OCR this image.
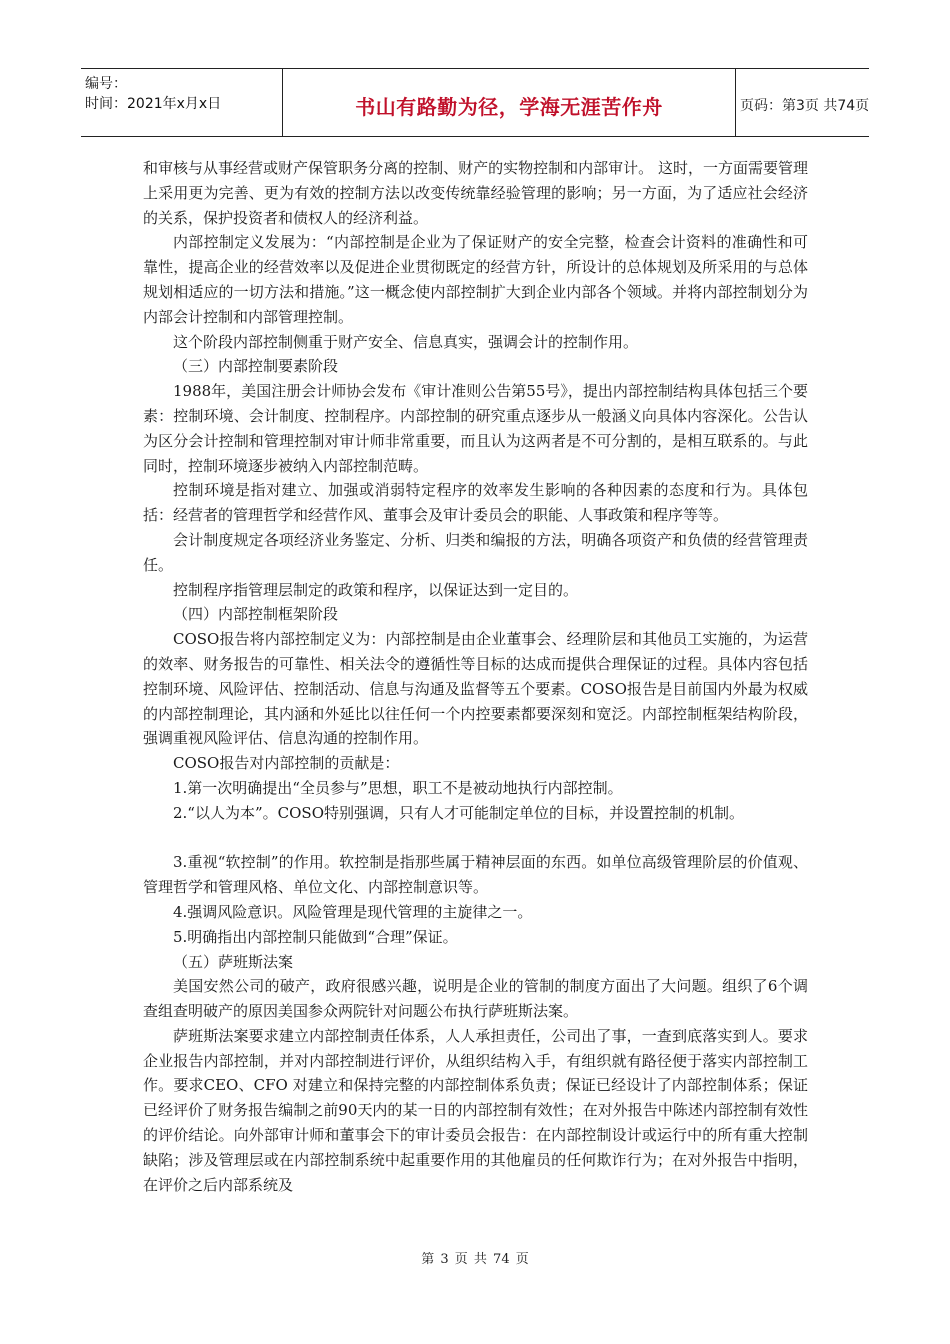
编号：
时间：2021年x月x日	书山有路勤为径，学海无涯苦作舟	页码：第3页 共74页

和审核与从事经营或财产保管职务分离的控制、财产的实物控制和内部审计。 这时，一方面需要管理上采用更为完善、更为有效的控制方法以改变传统靠经验管理的影响；另一方面，为了适应社会经济的关系，保护投资者和债权人的经济利益。

内部控制定义发展为：“内部控制是企业为了保证财产的安全完整，检查会计资料的准确性和可靠性，提高企业的经营效率以及促进企业贯彻既定的经营方针，所设计的总体规划及所采用的与总体规划相适应的一切方法和措施。”这一概念使内部控制扩大到企业内部各个领域。并将内部控制划分为内部会计控制和内部管理控制。

这个阶段内部控制侧重于财产安全、信息真实，强调会计的控制作用。

（三）内部控制要素阶段

1988年，美国注册会计师协会发布《审计准则公告第55号》，提出内部控制结构具体包括三个要素：控制环境、会计制度、控制程序。内部控制的研究重点逐步从一般涵义向具体内容深化。公告认为区分会计控制和管理控制对审计师非常重要，而且认为这两者是不可分割的，是相互联系的。与此同时，控制环境逐步被纳入内部控制范畴。

控制环境是指对建立、加强或消弱特定程序的效率发生影响的各种因素的态度和行为。具体包括：经营者的管理哲学和经营作风、董事会及审计委员会的职能、人事政策和程序等等。

会计制度规定各项经济业务鉴定、分析、归类和编报的方法，明确各项资产和负债的经营管理责任。

控制程序指管理层制定的政策和程序，以保证达到一定目的。

（四）内部控制框架阶段

COSO报告将内部控制定义为：内部控制是由企业董事会、经理阶层和其他员工实施的，为运营的效率、财务报告的可靠性、相关法令的遵循性等目标的达成而提供合理保证的过程。具体内容包括控制环境、风险评估、控制活动、信息与沟通及监督等五个要素。COSO报告是目前国内外最为权威的内部控制理论，其内涵和外延比以往任何一个内控要素都要深刻和宽泛。内部控制框架结构阶段，强调重视风险评估、信息沟通的控制作用。

COSO报告对内部控制的贡献是：

1.第一次明确提出“全员参与”思想，职工不是被动地执行内部控制。

2.“以人为本”。COSO特别强调，只有人才可能制定单位的目标，并设置控制的机制。

3.重视“软控制”的作用。软控制是指那些属于精神层面的东西。如单位高级管理阶层的价值观、管理哲学和管理风格、单位文化、内部控制意识等。

4.强调风险意识。风险管理是现代管理的主旋律之一。

5.明确指出内部控制只能做到“合理”保证。

（五）萨班斯法案

美国安然公司的破产，政府很感兴趣，说明是企业的管制的制度方面出了大问题。组织了6个调查组查明破产的原因美国参众两院针对问题公布执行萨班斯法案。

萨班斯法案要求建立内部控制责任体系，人人承担责任，公司出了事，一查到底落实到人。要求企业报告内部控制，并对内部控制进行评价，从组织结构入手，有组织就有路径便于落实内部控制工作。要求CEO、CFO 对建立和保持完整的内部控制体系负责；保证已经设计了内部控制体系；保证已经评价了财务报告编制之前90天内的某一日的内部控制有效性；在对外报告中陈述内部控制有效性的评价结论。向外部审计师和董事会下的审计委员会报告：在内部控制设计或运行中的所有重大控制缺陷；涉及管理层或在内部控制系统中起重要作用的其他雇员的任何欺诈行为；在对外报告中指明，在评价之后内部系统及

第 3 页 共 74 页
